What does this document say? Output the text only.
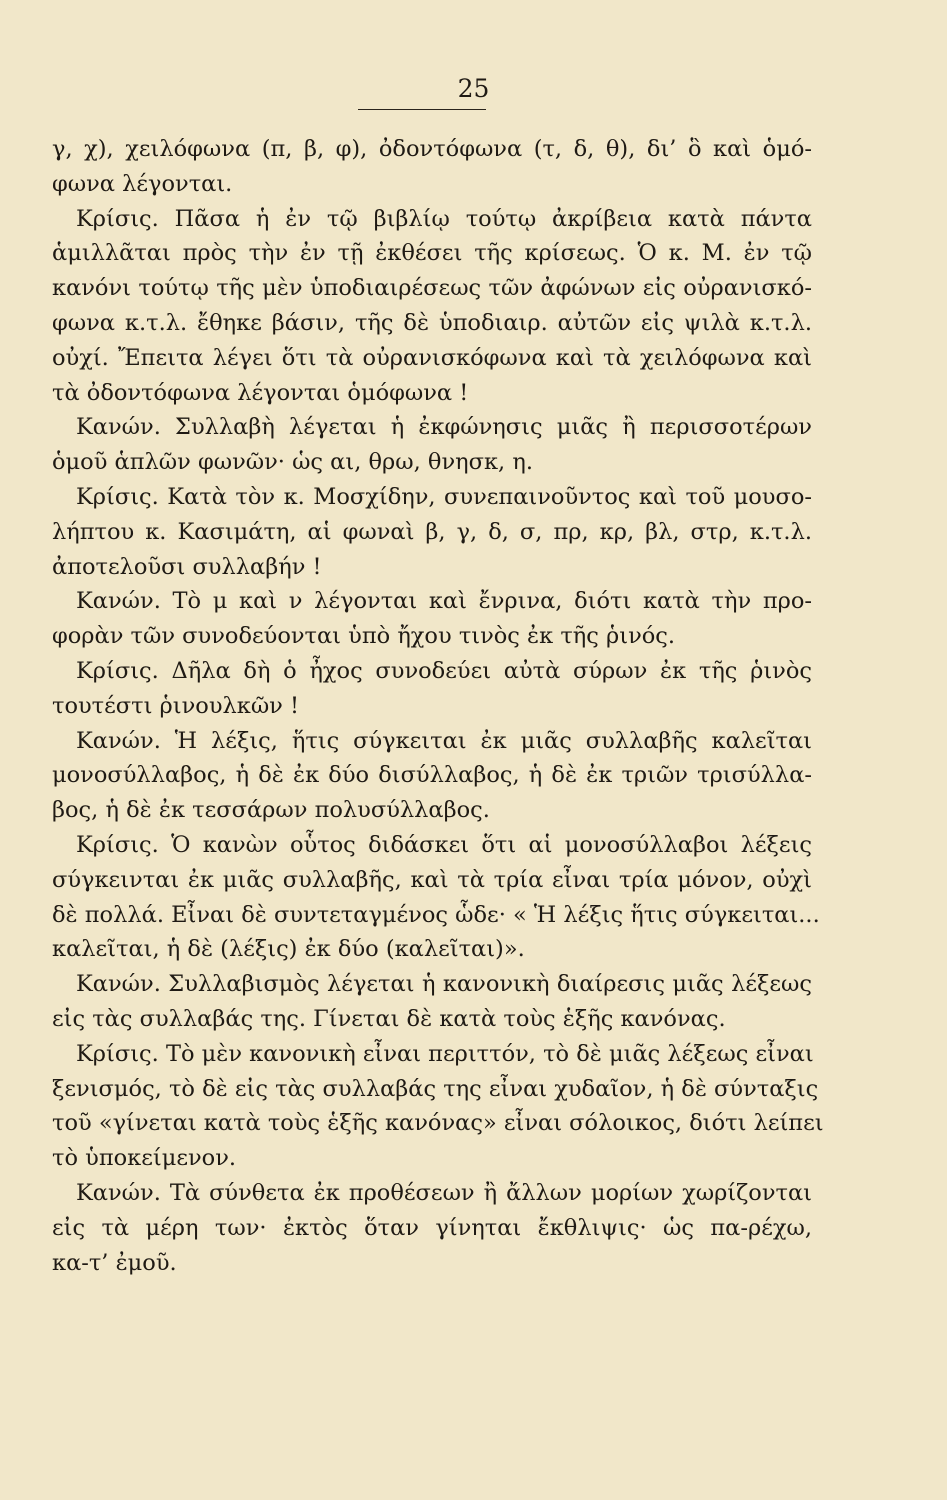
25
γ, χ), χειλόφωνα (π, β, φ), ὀδοντόφωνα (τ, δ, θ), δι’ ὃ καὶ ὁμό-
φωνα λέγονται.
Κρίσις. Πᾶσα ἡ ἐν τῷ βιβλίῳ τούτῳ ἀκρίβεια κατὰ πάντα
ἁμιλλᾶται πρὸς τὴν ἐν τῇ ἐκθέσει τῆς κρίσεως. Ὁ κ. Μ. ἐν τῷ
κανόνι τούτῳ τῆς μὲν ὑποδιαιρέσεως τῶν ἀφώνων εἰς οὐρανισκό-
φωνα κ.τ.λ. ἔθηκε βάσιν, τῆς δὲ ὑποδιαιρ. αὐτῶν εἰς ψιλὰ κ.τ.λ.
οὐχί. Ἔπειτα λέγει ὅτι τὰ οὐρανισκόφωνα καὶ τὰ χειλόφωνα καὶ
τὰ ὀδοντόφωνα λέγονται ὁμόφωνα !
Κανών. Συλλαβὴ λέγεται ἡ ἐκφώνησις μιᾶς ἢ περισσοτέρων
ὁμοῦ ἁπλῶν φωνῶν· ὡς αι, θρω, θνησκ, η.
Κρίσις. Κατὰ τὸν κ. Μοσχίδην, συνεπαινοῦντος καὶ τοῦ μουσο-
λήπτου κ. Κασιμάτη, αἱ φωναὶ β, γ, δ, σ, πρ, κρ, βλ, στρ, κ.τ.λ.
ἀποτελοῦσι συλλαβήν !
Κανών. Τὸ μ καὶ ν λέγονται καὶ ἔνρινα, διότι κατὰ τὴν προ-
φορὰν τῶν συνοδεύονται ὑπὸ ἤχου τινὸς ἐκ τῆς ῥινός.
Κρίσις. Δῆλα δὴ ὁ ἦχος συνοδεύει αὐτὰ σύρων ἐκ τῆς ῥινὸς
τουτέστι ῥινουλκῶν !
Κανών. Ἡ λέξις, ἥτις σύγκειται ἐκ μιᾶς συλλαβῆς καλεῖται
μονοσύλλαβος, ἡ δὲ ἐκ δύο δισύλλαβος, ἡ δὲ ἐκ τριῶν τρισύλλα-
βος, ἡ δὲ ἐκ τεσσάρων πολυσύλλαβος.
Κρίσις. Ὁ κανὼν οὗτος διδάσκει ὅτι αἱ μονοσύλλαβοι λέξεις
σύγκεινται ἐκ μιᾶς συλλαβῆς, καὶ τὰ τρία εἶναι τρία μόνον, οὐχὶ
δὲ πολλά. Εἶναι δὲ συντεταγμένος ὧδε· « Ἡ λέξις ἥτις σύγκειται...
καλεῖται, ἡ δὲ (λέξις) ἐκ δύο (καλεῖται)».
Κανών. Συλλαβισμὸς λέγεται ἡ κανονικὴ διαίρεσις μιᾶς λέξεως
εἰς τὰς συλλαβάς της. Γίνεται δὲ κατὰ τοὺς ἑξῆς κανόνας.
Κρίσις. Τὸ μὲν κανονικὴ εἶναι περιττόν, τὸ δὲ μιᾶς λέξεως εἶναι
ξενισμός, τὸ δὲ εἰς τὰς συλλαβάς της εἶναι χυδαῖον, ἡ δὲ σύνταξις
τοῦ «γίνεται κατὰ τοὺς ἑξῆς κανόνας» εἶναι σόλοικος, διότι λείπει
τὸ ὑποκείμενον.
Κανών. Τὰ σύνθετα ἐκ προθέσεων ἢ ἄλλων μορίων χωρίζονται
εἰς τὰ μέρη των· ἐκτὸς ὅταν γίνηται ἔκθλιψις· ὡς πα-ρέχω,
κα-τ’ ἐμοῦ.
